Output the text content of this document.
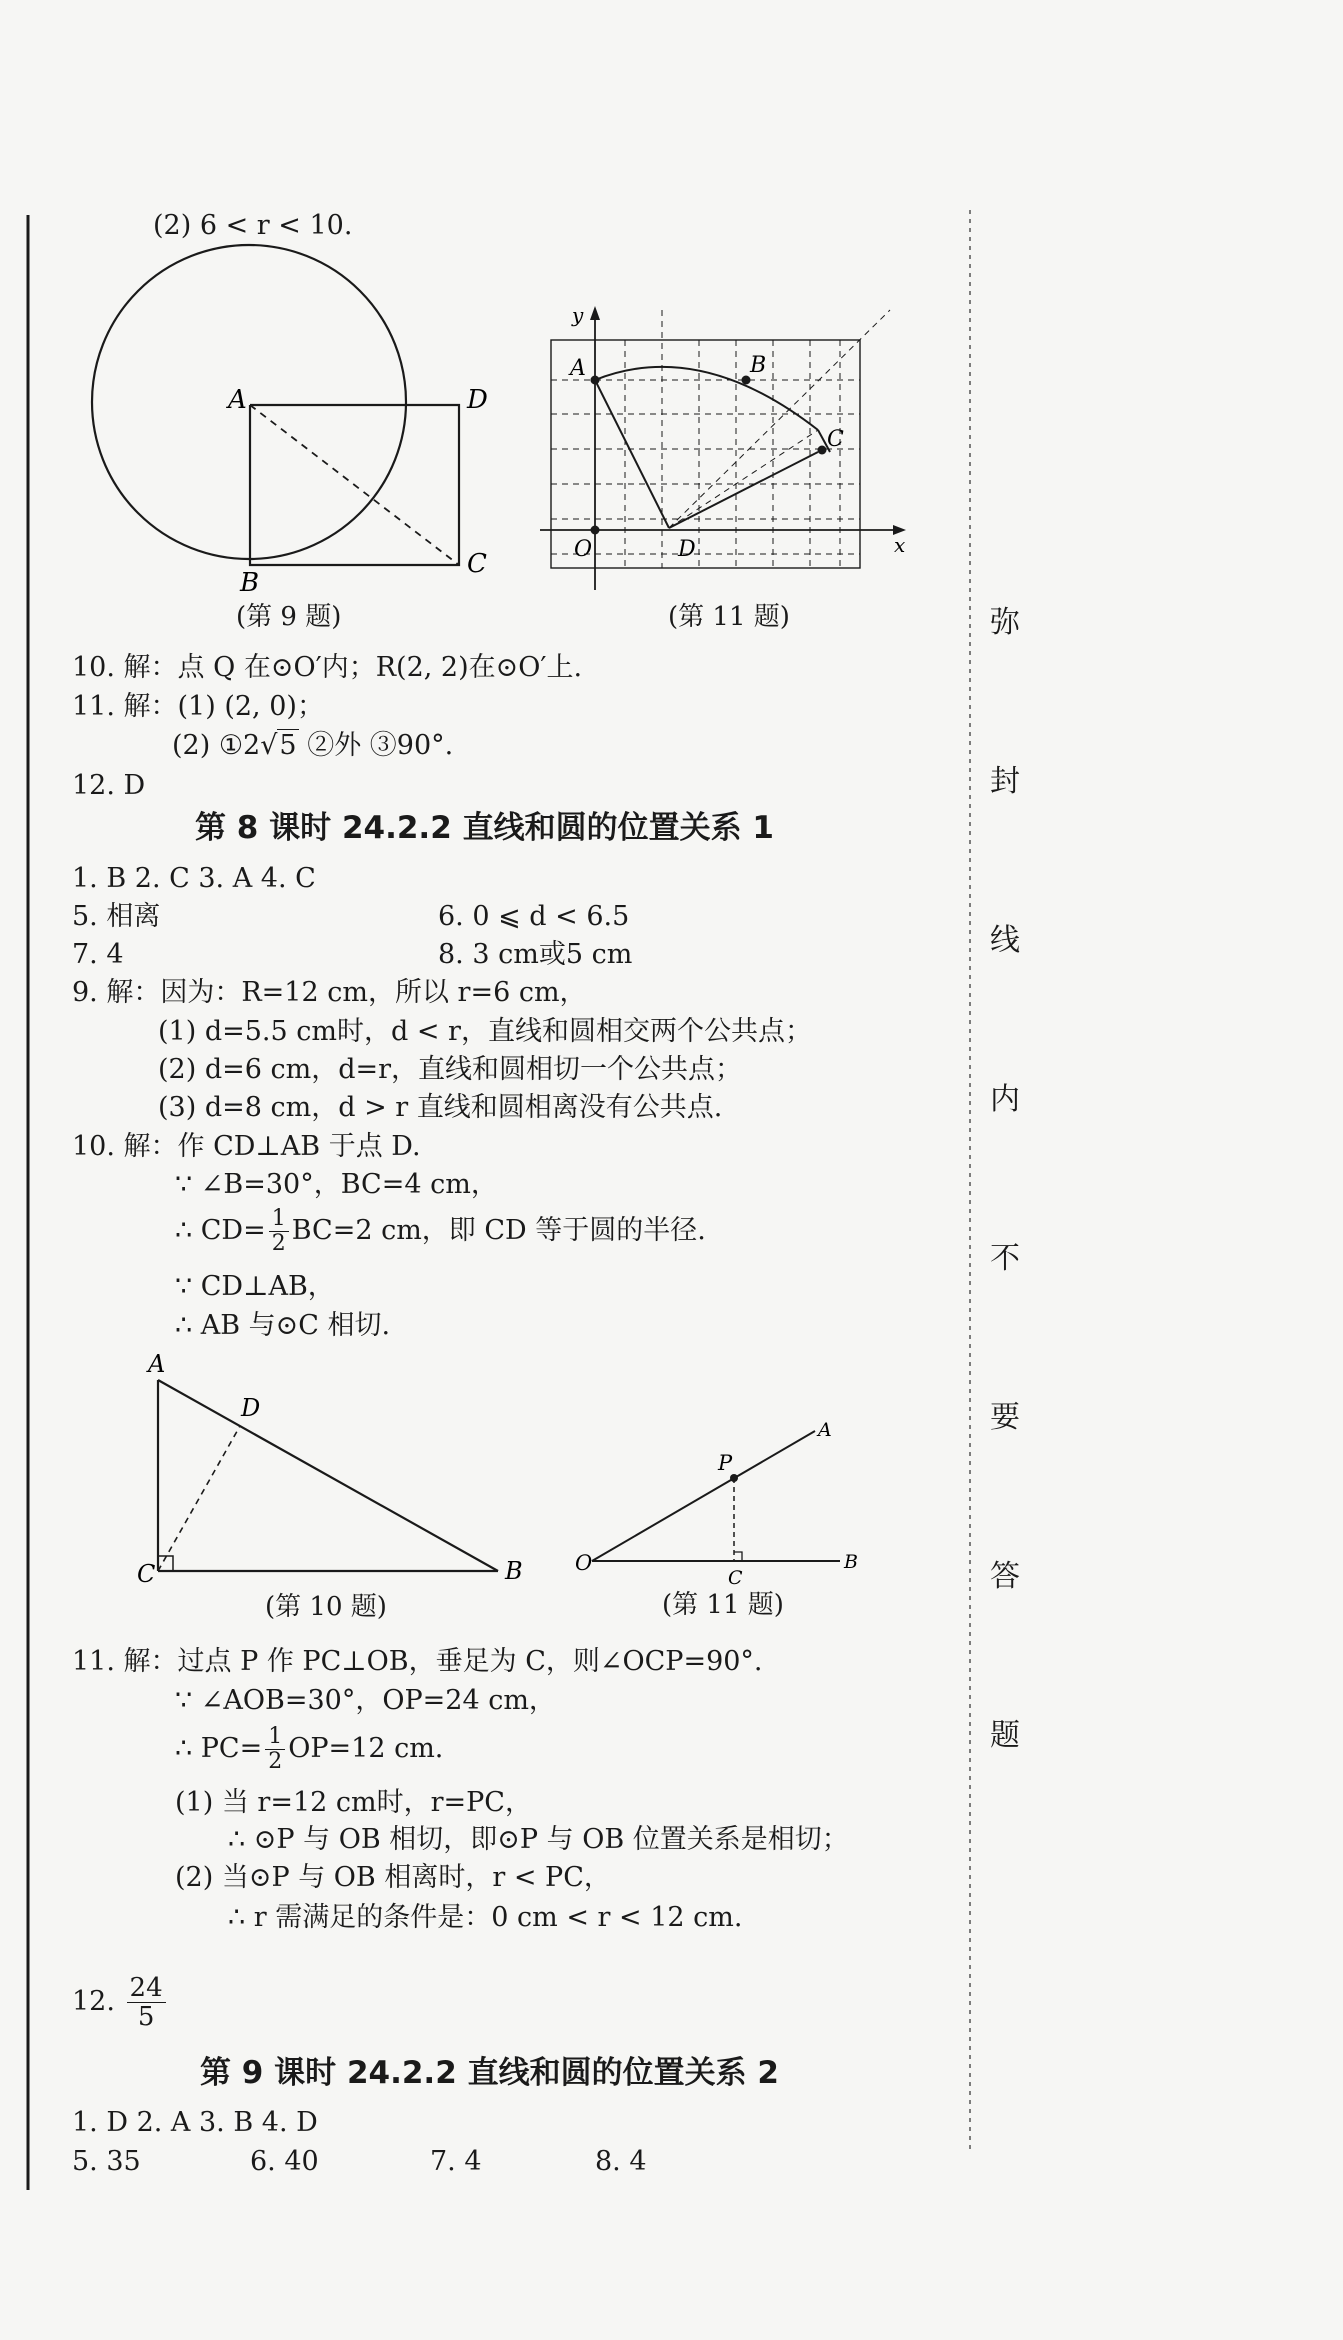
(2) 6 < r < 10.
A	D
B
C
(第 9 题)
y
A	B
C
O	D	x
(第 11 题)
10. 解：点 Q 在⊙O′内；R(2, 2)在⊙O′上.
11. 解：(1) (2, 0)；
(2) ①2√5 ②外 ③90°.
12. D
第 8 课时 24.2.2 直线和圆的位置关系 1
1. B 2. C 3. A 4. C
5. 相离	6. 0 ⩽ d < 6.5
7. 4	8. 3 cm或5 cm
9. 解：因为：R=12 cm，所以 r=6 cm，
(1) d=5.5 cm时，d < r，直线和圆相交两个公共点；
(2) d=6 cm，d=r，直线和圆相切一个公共点；
(3) d=8 cm，d > r 直线和圆相离没有公共点.
10. 解：作 CD⊥AB 于点 D.
∵ ∠B=30°，BC=4 cm，
∴ $CD= \frac{1}{2} BC=2$ cm，即 CD 等于圆的半径.
∵ CD⊥AB，
∴ AB 与⊙C 相切.
A
D
C	B
(第 10 题)
O
P
A
C
B
(第 11 题)
11. 解：过点 P 作 PC⊥OB，垂足为 C，则∠OCP=90°.
∵ ∠AOB=30°，OP=24 cm，
∴ $PC= \frac{1}{2} OP=12$ cm.
(1) 当 r=12 cm时，r=PC，
∴ ⊙P 与 OB 相切，即⊙P 与 OB 位置关系是相切；
(2) 当⊙P 与 OB 相离时，r < PC，
∴ r 需满足的条件是：0 cm < r < 12 cm.
12. $\frac{24}{5}$
第 9 课时 24.2.2 直线和圆的位置关系 2
1. D 2. A 3. B 4. D
5. 35	6. 40	7. 4	8. 4
弥
封
线
内
不
要
答
题
